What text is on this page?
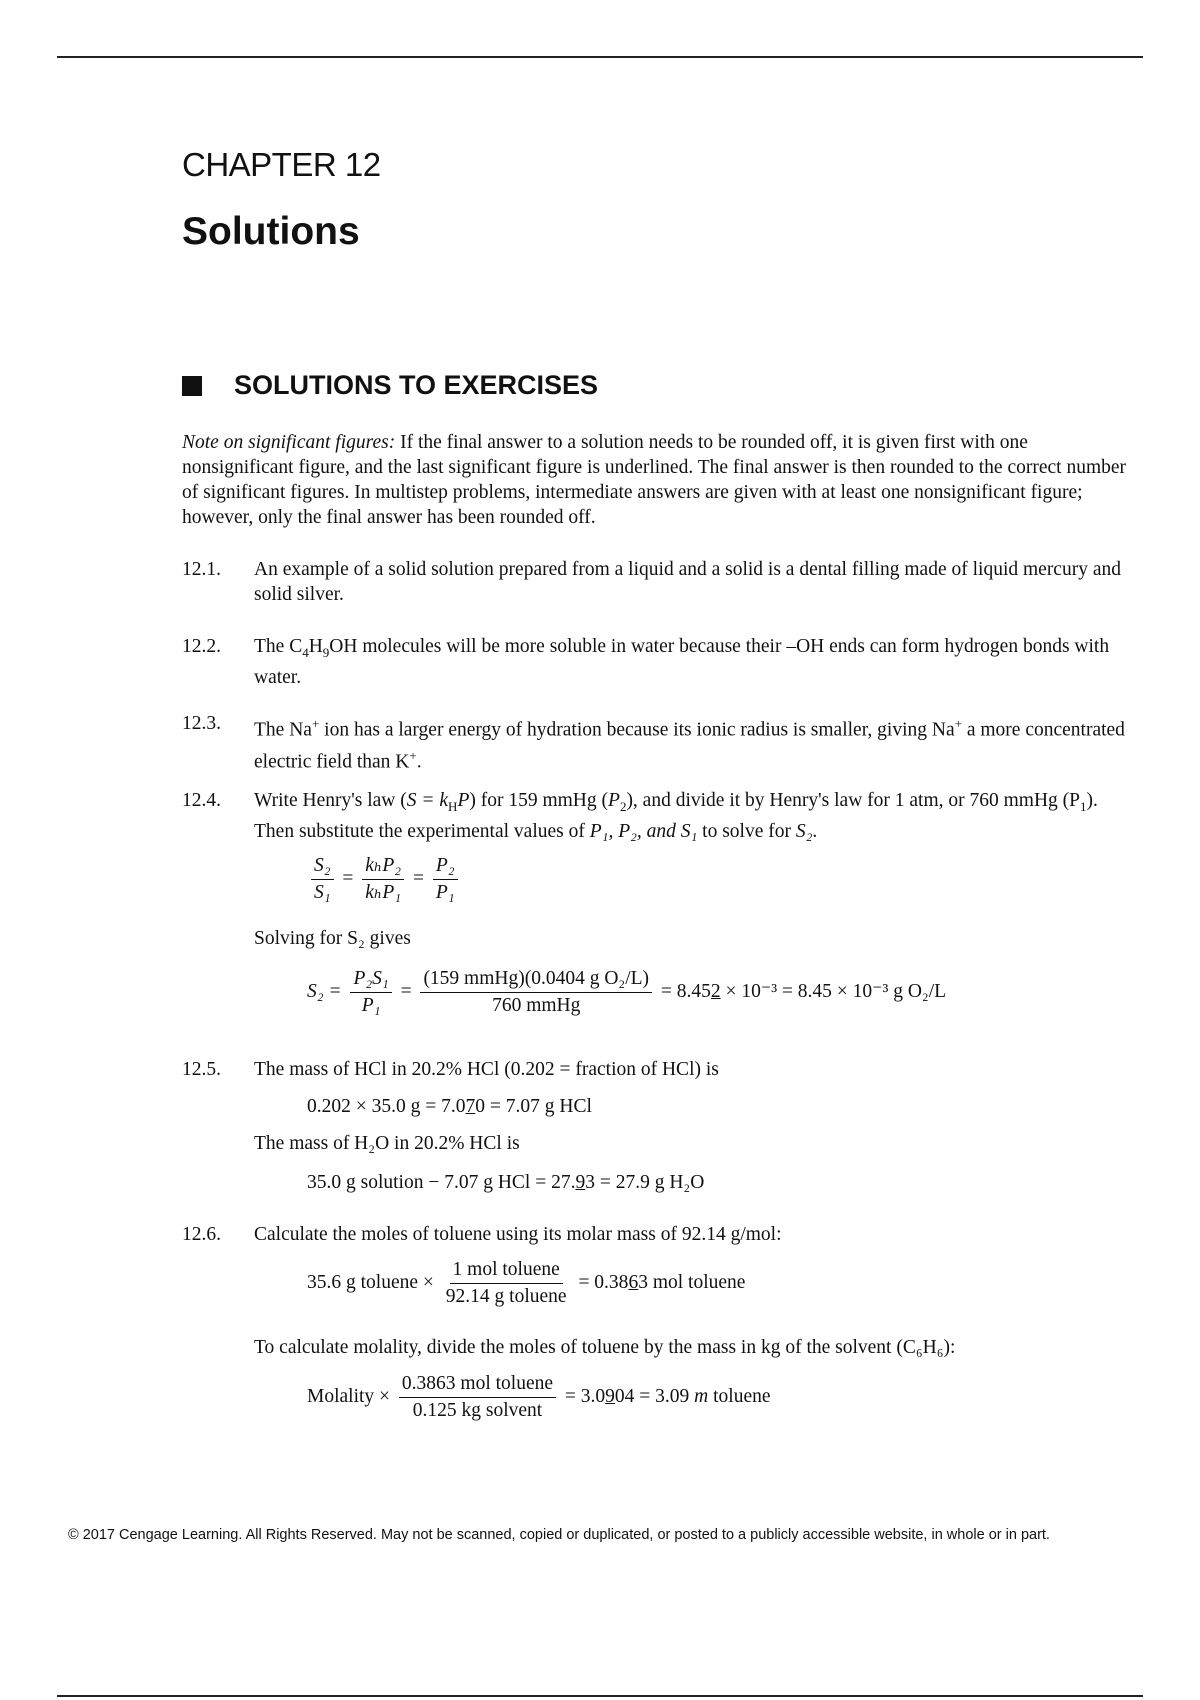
CHAPTER 12
Solutions
SOLUTIONS TO EXERCISES
Note on significant figures: If the final answer to a solution needs to be rounded off, it is given first with one nonsignificant figure, and the last significant figure is underlined. The final answer is then rounded to the correct number of significant figures. In multistep problems, intermediate answers are given with at least one nonsignificant figure; however, only the final answer has been rounded off.
12.1. An example of a solid solution prepared from a liquid and a solid is a dental filling made of liquid mercury and solid silver.
12.2. The $C_4H_9OH$ molecules will be more soluble in water because their –OH ends can form hydrogen bonds with water.
12.3. The Na+ ion has a larger energy of hydration because its ionic radius is smaller, giving Na+ a more concentrated electric field than K+.
12.4. Write Henry's law $(S = k_HP)$ for 159 mmHg $(P_2)$, and divide it by Henry's law for 1 atm, or 760 mmHg $(P_1)$. Then substitute the experimental values of P₁, P₂, and S₁ to solve for S₂.
$\frac{\text{S₂}}{\text{S₁}} = \frac{\text{kₕP₂}}{\text{kₕP₁}} = \frac{\text{P₂}}{\text{P₁}}$
Solving for S₂ gives
$S_2 = \frac{\text{P₂S₁}}{\text{P₁}} = \frac{\text{(159 mmHg)(0.0404 g O₂/L)}}{\text{760 mmHg}} = 8.452 \times 10^{-3} = 8.45 \times 10^{-3}$ g O₂/L
12.5. The mass of HCl in 20.2% HCl (0.202 = fraction of HCl) is
0.202 × 35.0 g = 7.070 = 7.07 g HCl
The mass of H₂O in 20.2% HCl is
35.0 g solution − 7.07 g HCl = 27.93 = 27.9 g H₂O
12.6. Calculate the moles of toluene using its molar mass of 92.14 g/mol:
35.6 g toluene × $\frac{\text{1 mol toluene}}{\text{92.14 g toluene}} = 0.3863$ mol toluene
To calculate molality, divide the moles of toluene by the mass in kg of the solvent (C₆H₆):
Molality × $\frac{\text{0.3863 mol toluene}}{\text{0.125 kg solvent}} = 3.0904 = 3.09$ m toluene
© 2017 Cengage Learning. All Rights Reserved. May not be scanned, copied or duplicated, or posted to a publicly accessible website, in whole or in part.
